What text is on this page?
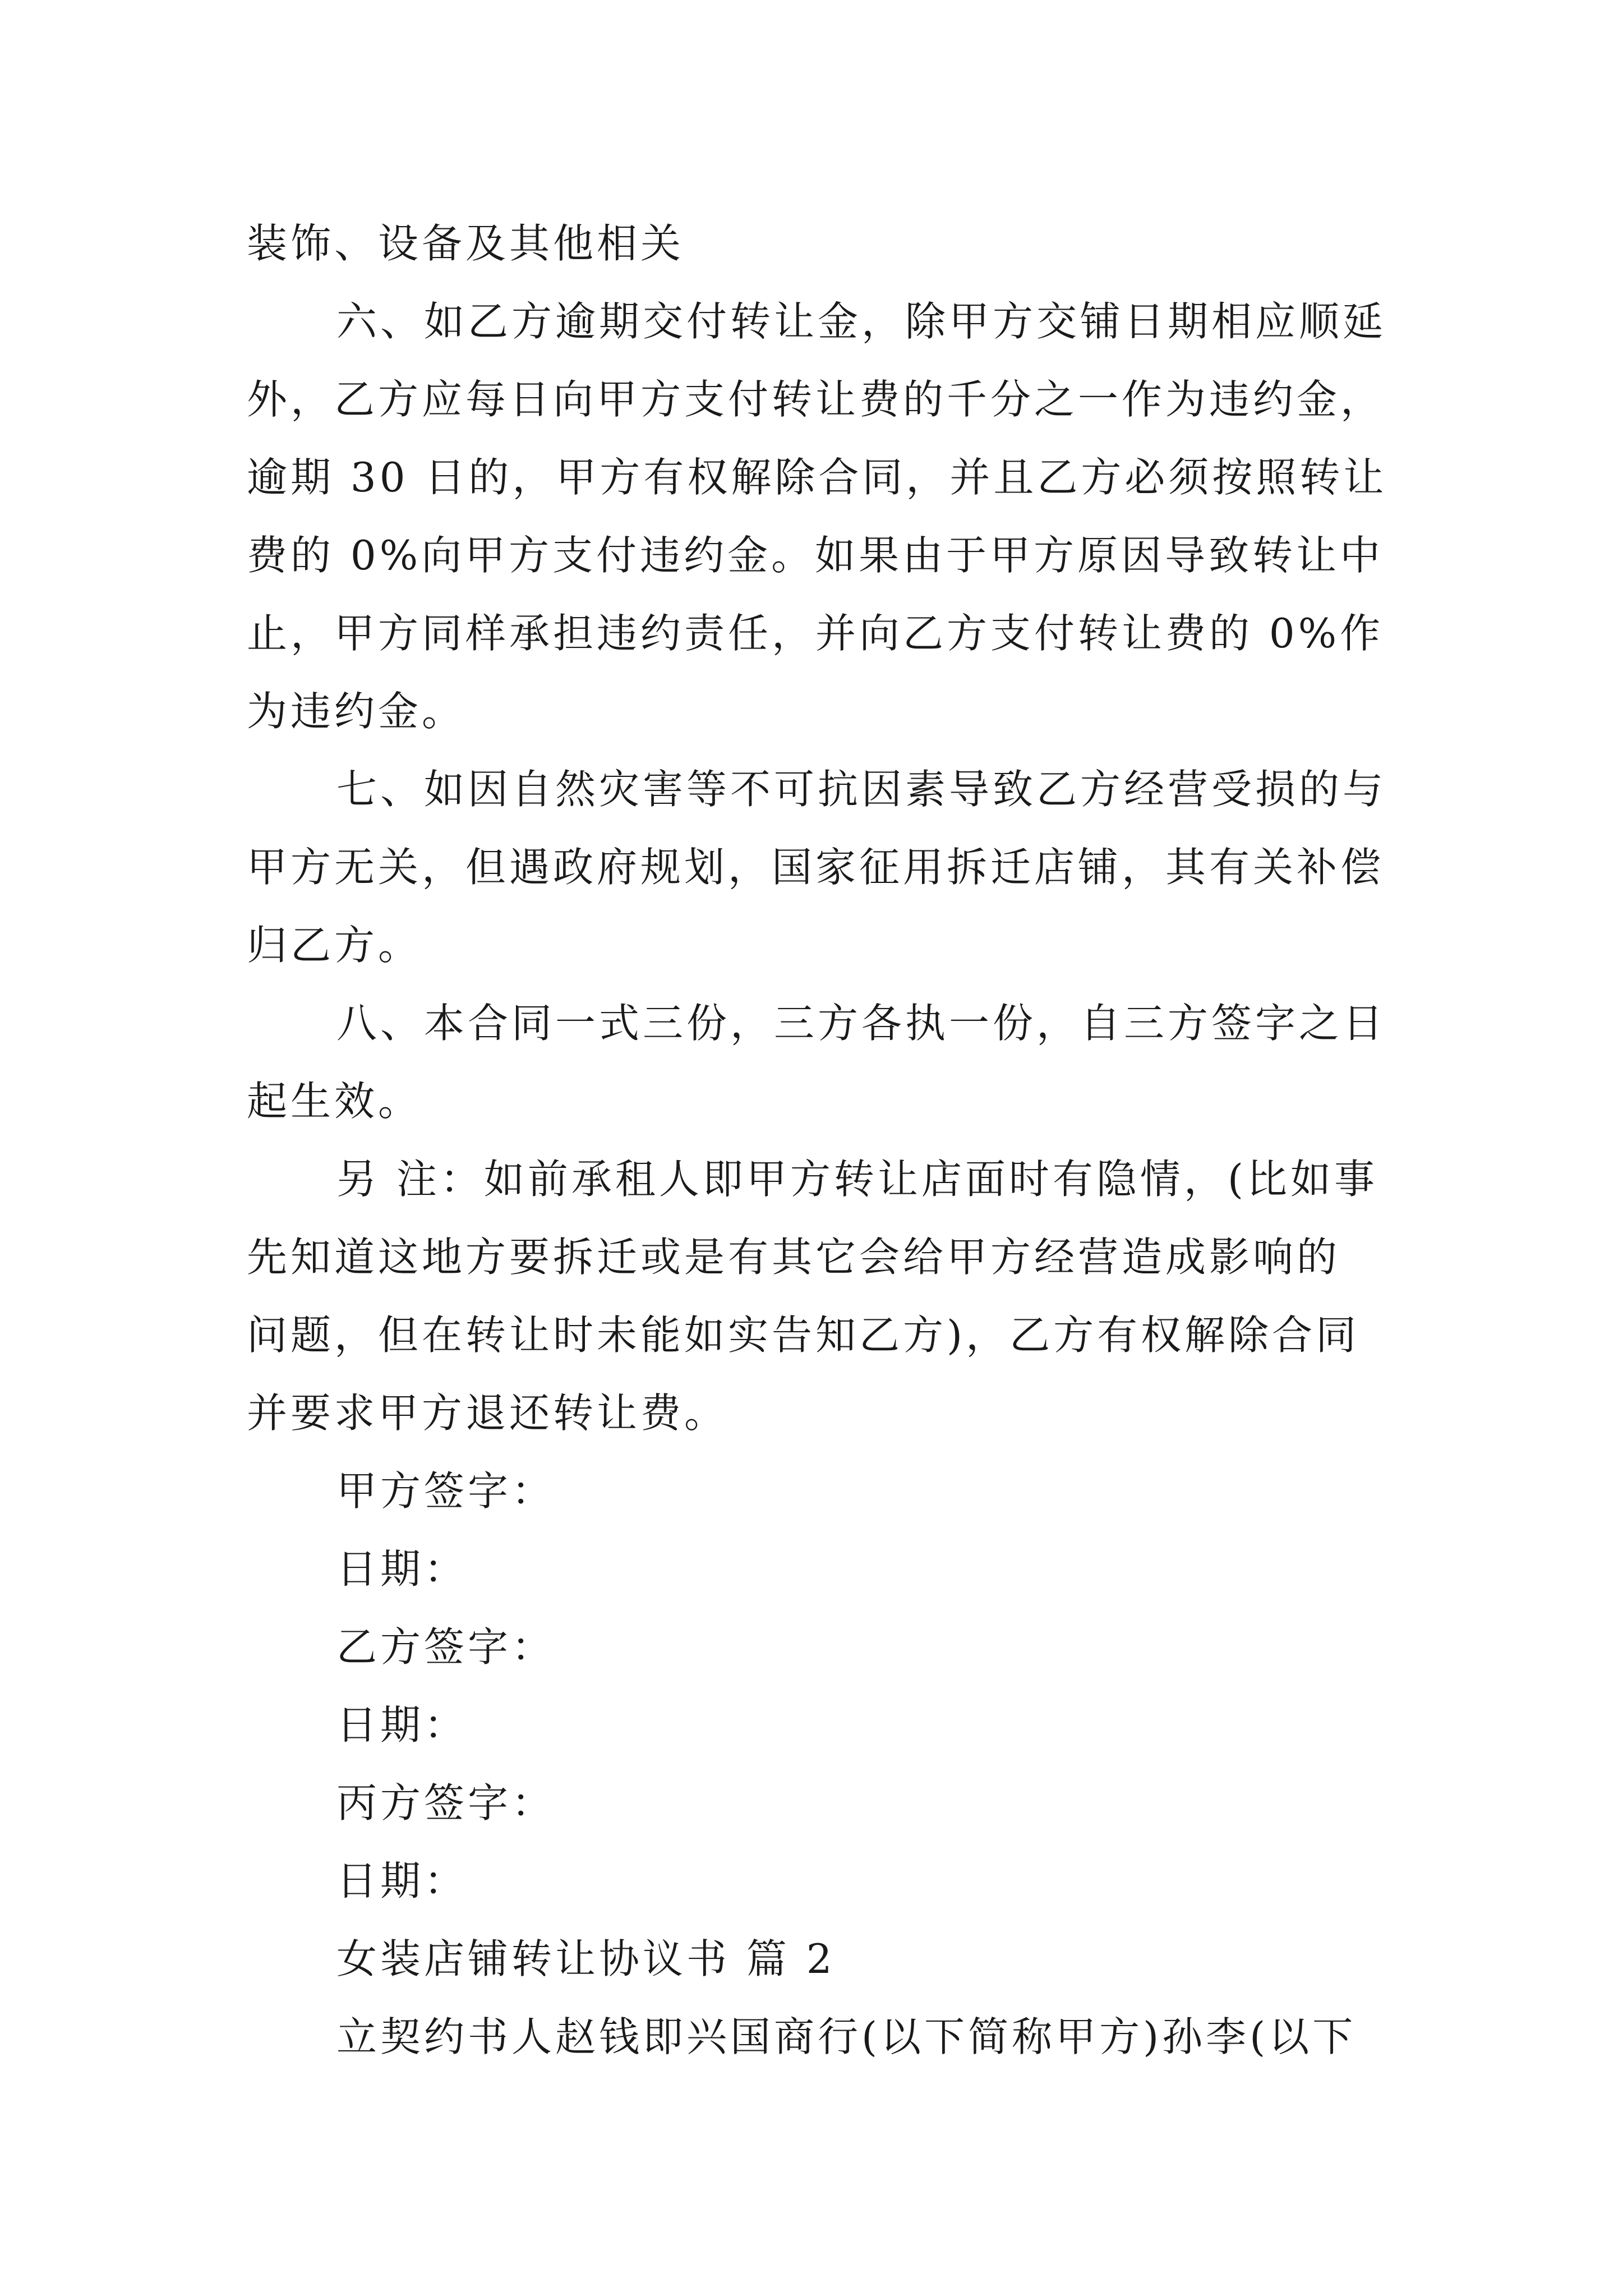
装饰、设备及其他相关
六、如乙方逾期交付转让金，除甲方交铺日期相应顺延
外，乙方应每日向甲方支付转让费的千分之一作为违约金，
逾期 30 日的，甲方有权解除合同，并且乙方必须按照转让
费的 0%向甲方支付违约金。如果由于甲方原因导致转让中
止，甲方同样承担违约责任，并向乙方支付转让费的 0%作
为违约金。
七、如因自然灾害等不可抗因素导致乙方经营受损的与
甲方无关，但遇政府规划，国家征用拆迁店铺，其有关补偿
归乙方。
八、本合同一式三份，三方各执一份，自三方签字之日
起生效。
另 注：如前承租人即甲方转让店面时有隐情，(比如事
先知道这地方要拆迁或是有其它会给甲方经营造成影响的
问题，但在转让时未能如实告知乙方)，乙方有权解除合同
并要求甲方退还转让费。
甲方签字：
日期：
乙方签字：
日期：
丙方签字：
日期：
女装店铺转让协议书 篇 2
立契约书人赵钱即兴国商行(以下简称甲方)孙李(以下
